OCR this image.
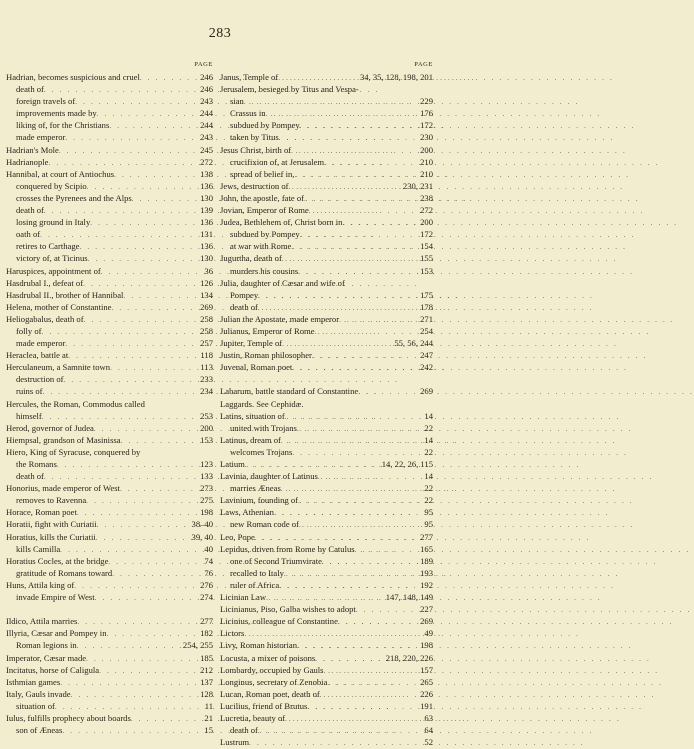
283
PAGE
Hadrian, becomes suspicious and cruel . . .	246
death of . . .	246
foreign travels of . . .	243
improvements made by . . .	244
liking of, for the Christians . . .	244
made emperor . . .	243
Hadrian's Mole . . .	245
Hadrianople . . .	272
Hannibal, at court of Antiochus . . .	138
conquered by Scipio . . .	136
crosses the Pyrenees and the Alps . . .	130
death of . . .	139
losing ground in Italy . . .	136
oath of . . .	131
retires to Carthage . . .	136
victory of, at Ticinus . . .	130
Haruspices, appointment of . . .	36
Hasdrubal I., defeat of . . .	126
Hasdrubal II., brother of Hannibal . . .	134
Helena, mother of Constantine . . .	269
Heliogabalus, death of . . .	258
folly of . . .	258
made emperor . . .	257
Heraclea, battle at . . .	118
Herculaneum, a Samnite town . . .	113
destruction of . . .	233
ruins of . . .	234
Hercules, the Roman, Commodus called
himself . . .	253
Herod, governor of Judea . . .	200
Hiempsal, grandson of Masinissa . . .	153
Hiero, King of Syracuse, conquered by
the Romans . . .	123
death of . . .	133
Honorius, made emperor of West . . .	273
removes to Ravenna . . .	275
Horace, Roman poet . . .	198
Horatii, fight with Curiatii . . .	38–40
Horatius, kills the Curiatii . . .	39, 40
kills Camilla . . .	40
Horatius Cocles, at the bridge . . .	74
gratitude of Romans toward . . .	76
Huns, Attila king of . . .	276
invade Empire of West . . .	274
Ildico, Attila marries . . .	277
Illyria, Cæsar and Pompey in . . .	182
Roman legions in . . .	254, 255
Imperator, Cæsar made . . .	185
Incitatus, horse of Caligula . . .	212
Isthmian games . . .	137
Italy, Gauls invade . . .	128
situation of . . .	11
Iulus, fulfills prophecy about boards . . .	21
son of Æneas . . .	15
PAGE
Janus, Temple of . . .	34, 35, 128, 198, 201
Jerusalem, besieged by Titus and Vespa-
sian . . .	229
Crassus in . . .	176
subdued by Pompey . . .	172
taken by Titus . . .	230
Jesus Christ, birth of . . .	200
crucifixion of, at Jerusalem . . .	210
spread of belief in, . . .	210
Jews, destruction of . . .	230, 231
John, the apostle, fate of . . .	238
Jovian, Emperor of Rome . . .	272
Judea, Bethlehem of, Christ born in . . .	200
subdued by Pompey . . .	172
at war with Rome . . .	154
Jugurtha, death of . . .	155
murders his cousins . . .	153
Julia, daughter of Cæsar and wife of
Pompey . . .	175
death of . . .	178
Julian the Apostate, made emperor . . .	271
Julianus, Emperor of Rome . . .	254
Jupiter, Temple of . . .	55, 56, 244
Justin, Roman philosopher . . .	247
Juvenal, Roman poet . . .	242
Labarum, battle standard of Constantine . . .	269
Laggards. See Cephidæ.
Latins, situation of . . .	14
united with Trojans . . .	22
Latinus, dream of . . .	14
welcomes Trojans . . .	22
Latium . . .	14, 22, 26, 115
Lavinia, daughter of Latinus . . .	14
marries Æneas . . .	22
Lavinium, founding of . . .	22
Laws, Athenian . . .	95
new Roman code of . . .	95
Leo, Pope . . .	277
Lepidus, driven from Rome by Catulus . . .	165
one of Second Triumvirate . . .	189
recalled to Italy . . .	193
ruler of Africa . . .	192
Licinian Law . . .	147, 148, 149
Licinianus, Piso, Galba wishes to adopt . . .	227
Licinius, colleague of Constantine . . .	269
Lictors . . .	49
Livy, Roman historian . . .	198
Locusta, a mixer of poisons . . .	218, 220, 226
Lombardy, occupied by Gauls . . .	157
Longinus, secretary of Zenobia . . .	265
Lucan, Roman poet, death of . . .	226
Lucilius, friend of Brutus . . .	191
Lucretia, beauty of . . .	63
death of . . .	64
Lustrum . . .	52
